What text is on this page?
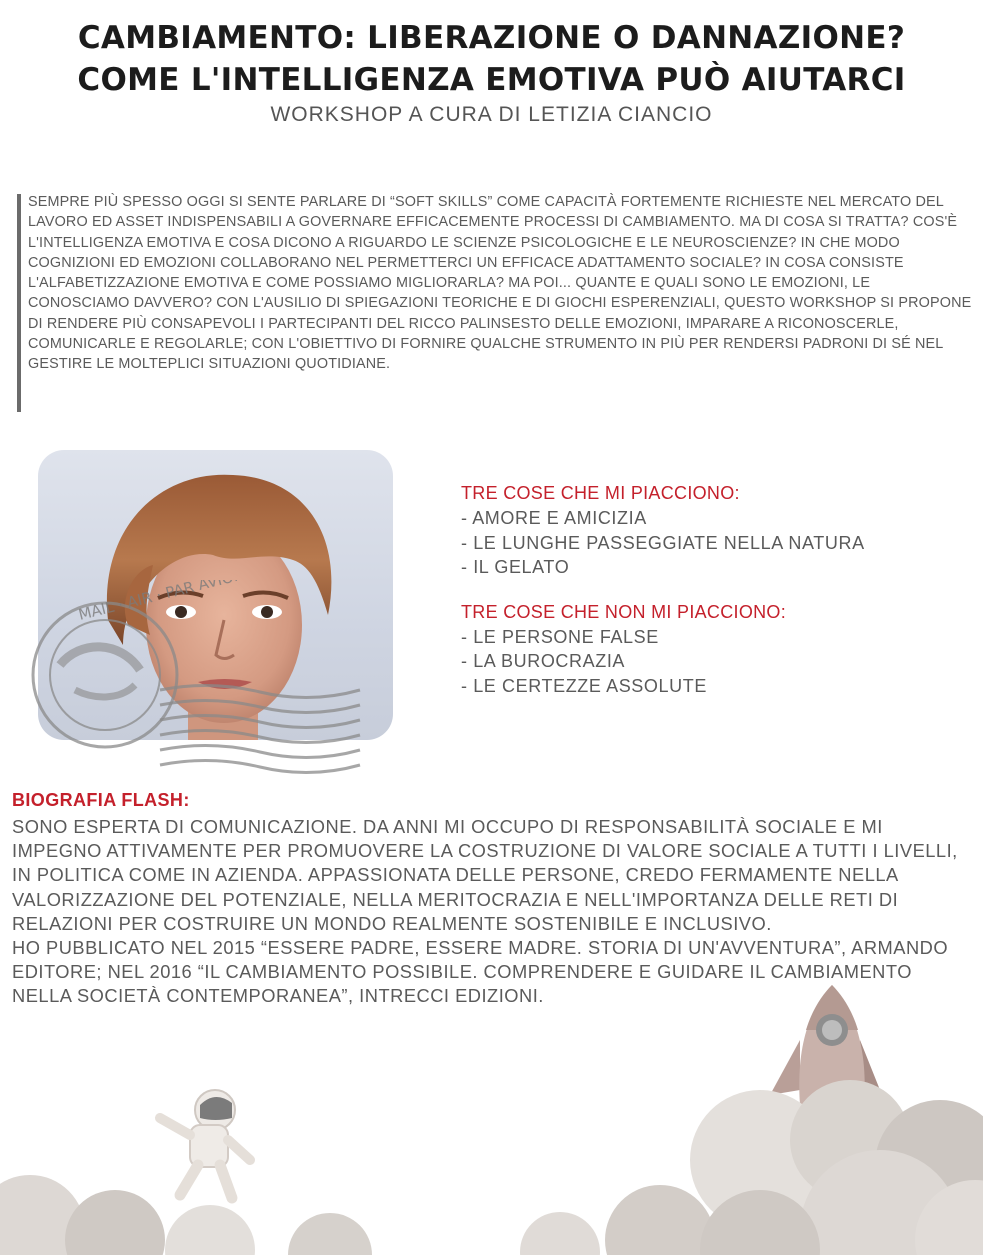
CAMBIAMENTO: LIBERAZIONE O DANNAZIONE?
COME L'INTELLIGENZA EMOTIVA PUÒ AIUTARCI
WORKSHOP A CURA DI LETIZIA CIANCIO

SEMPRE PIÙ SPESSO OGGI SI SENTE PARLARE DI “SOFT SKILLS” COME CAPACITÀ FORTEMENTE RICHIESTE NEL MERCATO DEL LAVORO ED ASSET INDISPENSABILI A GOVERNARE EFFICACEMENTE PROCESSI DI CAMBIAMENTO. MA DI COSA SI TRATTA? COS'È L'INTELLIGENZA EMOTIVA E COSA DICONO A RIGUARDO LE SCIENZE PSICOLOGICHE E LE NEUROSCIENZE? IN CHE MODO COGNIZIONI ED EMOZIONI COLLABORANO NEL PERMETTERCI UN EFFICACE ADATTAMENTO SOCIALE? IN COSA CONSISTE L'ALFABETIZZAZIONE EMOTIVA E COME POSSIAMO MIGLIORARLA? MA POI... QUANTE E QUALI SONO LE EMOZIONI, LE CONOSCIAMO DAVVERO? CON L'AUSILIO DI SPIEGAZIONI TEORICHE E DI GIOCHI ESPERENZIALI, QUESTO WORKSHOP SI PROPONE DI RENDERE PIÙ CONSAPEVOLI I PARTECIPANTI DEL RICCO PALINSESTO DELLE EMOZIONI, IMPARARE A RICONOSCERLE, COMUNICARLE E REGOLARLE; CON L'OBIETTIVO DI FORNIRE QUALCHE STRUMENTO IN PIÙ PER RENDERSI PADRONI DI SÉ NEL GESTIRE LE MOLTEPLICI SITUAZIONI QUOTIDIANE.

MAIL · AIR · PAR
TRE COSE CHE MI PIACCIONO:
- AMORE E AMICIZIA
- LE LUNGHE PASSEGGIATE NELLA NATURA
- IL GELATO
TRE COSE CHE NON MI PIACCIONO:
- LE PERSONE FALSE
- LA BUROCRAZIA
- LE CERTEZZE ASSOLUTE
BIOGRAFIA FLASH:

SONO ESPERTA DI COMUNICAZIONE. DA ANNI MI OCCUPO DI RESPONSABILITÀ SOCIALE E MI IMPEGNO ATTIVAMENTE PER PROMUOVERE LA COSTRUZIONE DI VALORE SOCIALE A TUTTI I LIVELLI, IN POLITICA COME IN AZIENDA. APPASSIONATA DELLE PERSONE, CREDO FERMAMENTE NELLA VALORIZZAZIONE DEL POTENZIALE, NELLA MERITOCRAZIA E NELL'IMPORTANZA DELLE RETI DI RELAZIONI PER COSTRUIRE UN MONDO REALMENTE SOSTENIBILE E INCLUSIVO.

HO PUBBLICATO NEL 2015 “ESSERE PADRE, ESSERE MADRE. STORIA DI UN'AVVENTURA”, ARMANDO EDITORE; NEL 2016 “IL CAMBIAMENTO POSSIBILE. COMPRENDERE E GUIDARE IL CAMBIAMENTO NELLA SOCIETÀ CONTEMPORANEA”, INTRECCI EDIZIONI.
